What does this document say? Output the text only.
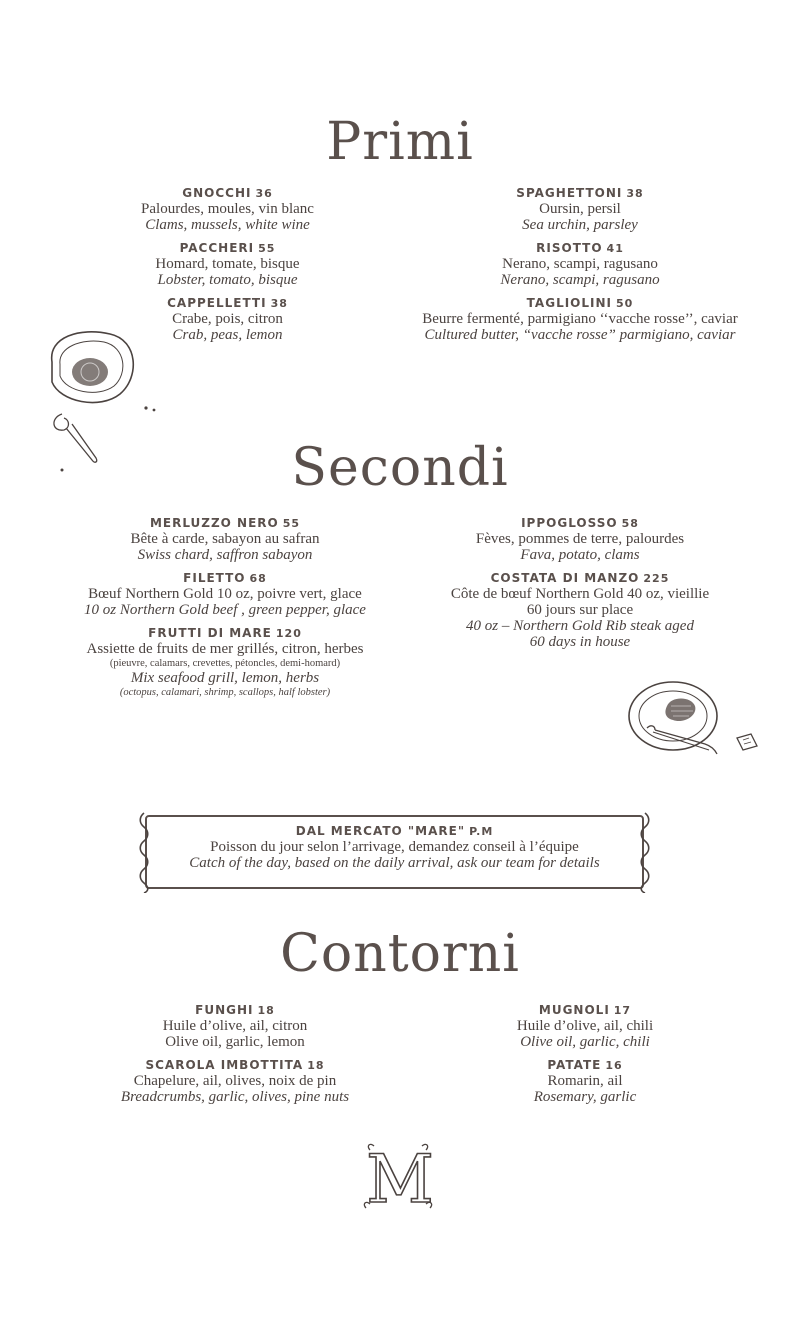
Primi
GNOCCHI 36
Palourdes, moules, vin blanc
Clams, mussels, white wine
PACCHERI 55
Homard, tomate, bisque
Lobster, tomato, bisque
CAPPELLETTI 38
Crabe, pois, citron
Crab, peas, lemon
SPAGHETTONI 38
Oursin, persil
Sea urchin, parsley
RISOTTO 41
Nerano, scampi, ragusano
Nerano, scampi, ragusano
TAGLIOLINI 50
Beurre fermenté, parmigiano ‘‘vacche rosse’’, caviar
Cultured butter, “vacche rosse” parmigiano, caviar
Secondi
MERLUZZO NERO 55
Bête à carde, sabayon au safran
Swiss chard, saffron sabayon
FILETTO 68
Bœuf Northern Gold 10 oz, poivre vert, glace
10 oz Northern Gold beef , green pepper, glace
FRUTTI DI MARE 120
Assiette de fruits de mer grillés, citron, herbes
(pieuvre, calamars, crevettes, pétoncles, demi-homard)
Mix seafood grill, lemon, herbs
(octopus, calamari, shrimp, scallops, half lobster)
IPPOGLOSSO 58
Fèves, pommes de terre, palourdes
Fava, potato, clams
COSTATA DI MANZO 225
Côte de bœuf Northern Gold 40 oz, vieillie
60 jours sur place
40 oz – Northern Gold Rib steak aged
60 days in house
DAL MERCATO "MARE" P.M
Poisson du jour selon l’arrivage, demandez conseil à l’équipe
Catch of the day, based on the daily arrival, ask our team for details
Contorni
FUNGHI 18
Huile d’olive, ail, citron
Olive oil, garlic, lemon
SCAROLA IMBOTTITA 18
Chapelure, ail, olives, noix de pin
Breadcrumbs, garlic, olives, pine nuts
MUGNOLI 17
Huile d’olive, ail, chili
Olive oil, garlic, chili
PATATE 16
Romarin, ail
Rosemary, garlic
M
